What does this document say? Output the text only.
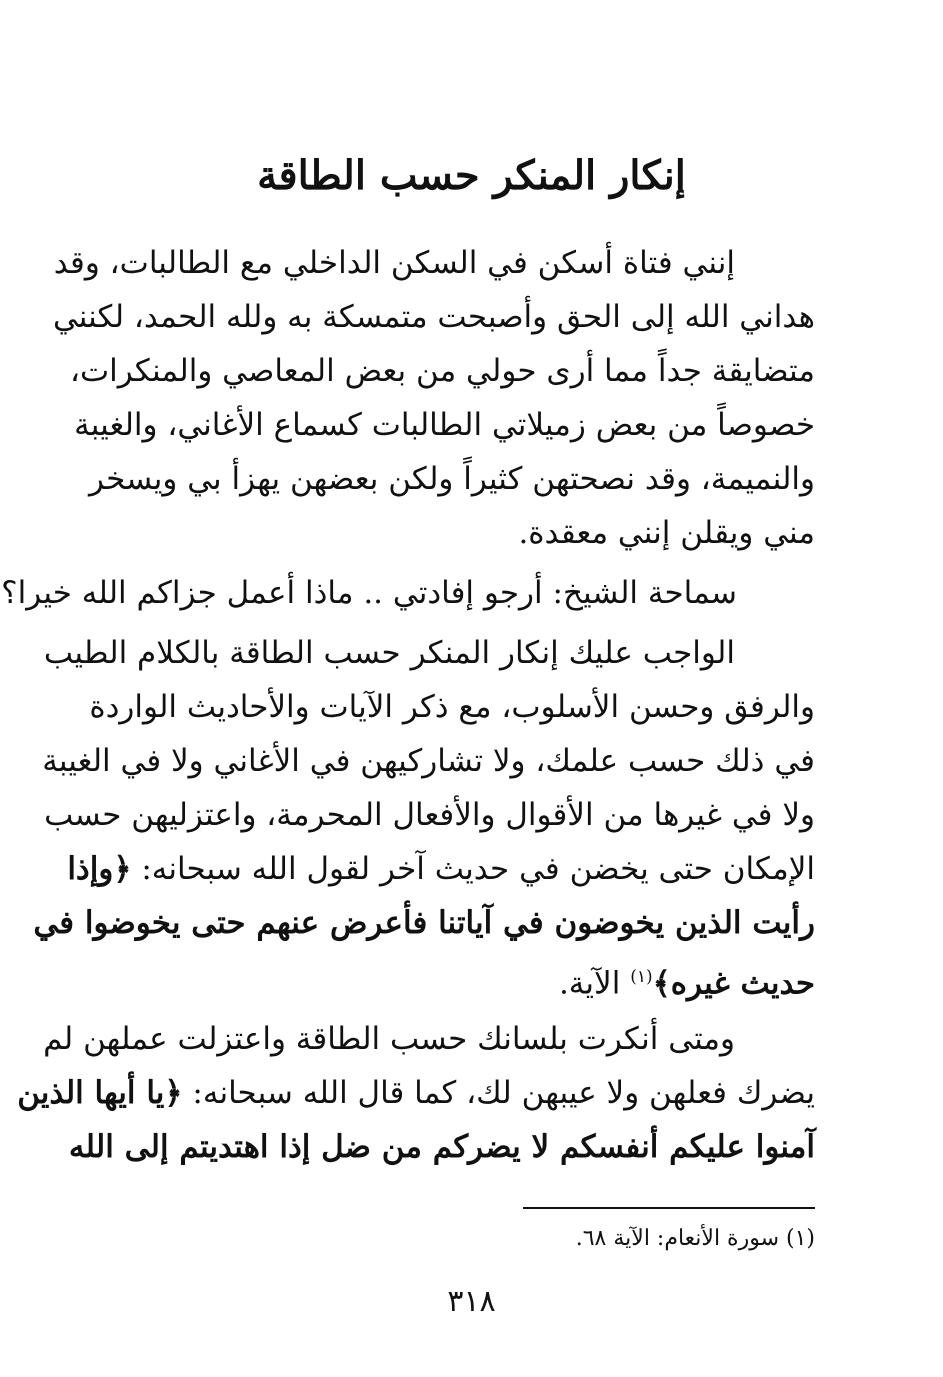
إنكار المنكر حسب الطاقة
إنني فتاة أسكن في السكن الداخلي مع الطالبات، وقد
هداني الله إلى الحق وأصبحت متمسكة به ولله الحمد، لكنني
متضايقة جداً مما أرى حولي من بعض المعاصي والمنكرات،
خصوصاً من بعض زميلاتي الطالبات كسماع الأغاني، والغيبة
والنميمة، وقد نصحتهن كثيراً ولكن بعضهن يهزأ بي ويسخر
مني ويقلن إنني معقدة.
سماحة الشيخ: أرجو إفادتي .. ماذا أعمل جزاكم الله خيرا؟
الواجب عليك إنكار المنكر حسب الطاقة بالكلام الطيب
والرفق وحسن الأسلوب، مع ذكر الآيات والأحاديث الواردة
في ذلك حسب علمك، ولا تشاركيهن في الأغاني ولا في الغيبة
ولا في غيرها من الأقوال والأفعال المحرمة، واعتزليهن حسب
الإمكان حتى يخضن في حديث آخر لقول الله سبحانه: ﴿وإذا
رأيت الذين يخوضون في آياتنا فأعرض عنهم حتى يخوضوا في
حديث غيره﴾$^{(١)}$ الآية.
ومتى أنكرت بلسانك حسب الطاقة واعتزلت عملهن لم
يضرك فعلهن ولا عيبهن لك، كما قال الله سبحانه: ﴿يا أيها الذين
آمنوا عليكم أنفسكم لا يضركم من ضل إذا اهتديتم إلى الله
(١) سورة الأنعام: الآية ٦٨.
٣١٨
